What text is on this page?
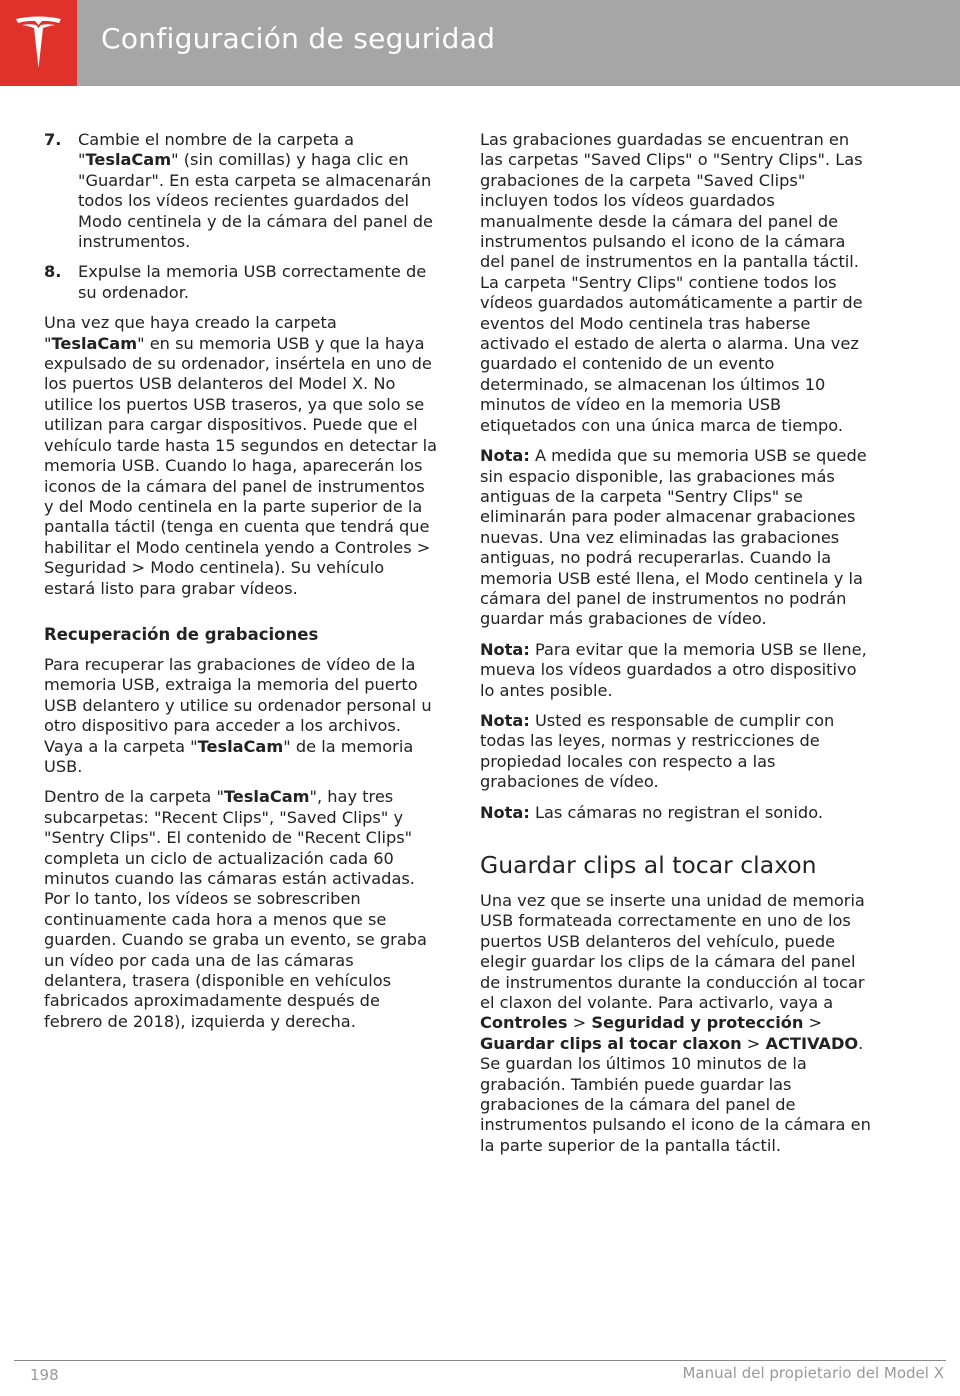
Configuración de seguridad
7.	Cambie el nombre de la carpeta a "TeslaCam" (sin comillas) y haga clic en "Guardar". En esta carpeta se almacenarán todos los vídeos recientes guardados del Modo centinela y de la cámara del panel de instrumentos.
8.	Expulse la memoria USB correctamente de su ordenador.

Una vez que haya creado la carpeta "TeslaCam" en su memoria USB y que la haya expulsado de su ordenador, insértela en uno de los puertos USB delanteros del Model X. No utilice los puertos USB traseros, ya que solo se utilizan para cargar dispositivos. Puede que el vehículo tarde hasta 15 segundos en detectar la memoria USB. Cuando lo haga, aparecerán los iconos de la cámara del panel de instrumentos y del Modo centinela en la parte superior de la pantalla táctil (tenga en cuenta que tendrá que habilitar el Modo centinela yendo a Controles > Seguridad > Modo centinela). Su vehículo estará listo para grabar vídeos.

Recuperación de grabaciones

Para recuperar las grabaciones de vídeo de la memoria USB, extraiga la memoria del puerto USB delantero y utilice su ordenador personal u otro dispositivo para acceder a los archivos. Vaya a la carpeta "TeslaCam" de la memoria USB.

Dentro de la carpeta "TeslaCam", hay tres subcarpetas: "Recent Clips", "Saved Clips" y "Sentry Clips". El contenido de "Recent Clips" completa un ciclo de actualización cada 60 minutos cuando las cámaras están activadas. Por lo tanto, los vídeos se sobrescriben continuamente cada hora a menos que se guarden. Cuando se graba un evento, se graba un vídeo por cada una de las cámaras delantera, trasera (disponible en vehículos fabricados aproximadamente después de febrero de 2018), izquierda y derecha.

Las grabaciones guardadas se encuentran en las carpetas "Saved Clips" o "Sentry Clips". Las grabaciones de la carpeta "Saved Clips" incluyen todos los vídeos guardados manualmente desde la cámara del panel de instrumentos pulsando el icono de la cámara del panel de instrumentos en la pantalla táctil. La carpeta "Sentry Clips" contiene todos los vídeos guardados automáticamente a partir de eventos del Modo centinela tras haberse activado el estado de alerta o alarma. Una vez guardado el contenido de un evento determinado, se almacenan los últimos 10 minutos de vídeo en la memoria USB etiquetados con una única marca de tiempo.

Nota: A medida que su memoria USB se quede sin espacio disponible, las grabaciones más antiguas de la carpeta "Sentry Clips" se eliminarán para poder almacenar grabaciones nuevas. Una vez eliminadas las grabaciones antiguas, no podrá recuperarlas. Cuando la memoria USB esté llena, el Modo centinela y la cámara del panel de instrumentos no podrán guardar más grabaciones de vídeo.

Nota: Para evitar que la memoria USB se llene, mueva los vídeos guardados a otro dispositivo lo antes posible.

Nota: Usted es responsable de cumplir con todas las leyes, normas y restricciones de propiedad locales con respecto a las grabaciones de vídeo.

Nota: Las cámaras no registran el sonido.

Guardar clips al tocar claxon

Una vez que se inserte una unidad de memoria USB formateada correctamente en uno de los puertos USB delanteros del vehículo, puede elegir guardar los clips de la cámara del panel de instrumentos durante la conducción al tocar el claxon del volante. Para activarlo, vaya a Controles > Seguridad y protección > Guardar clips al tocar claxon > ACTIVADO. Se guardan los últimos 10 minutos de la grabación. También puede guardar las grabaciones de la cámara del panel de instrumentos pulsando el icono de la cámara en la parte superior de la pantalla táctil.

198	Manual del propietario del Model X
